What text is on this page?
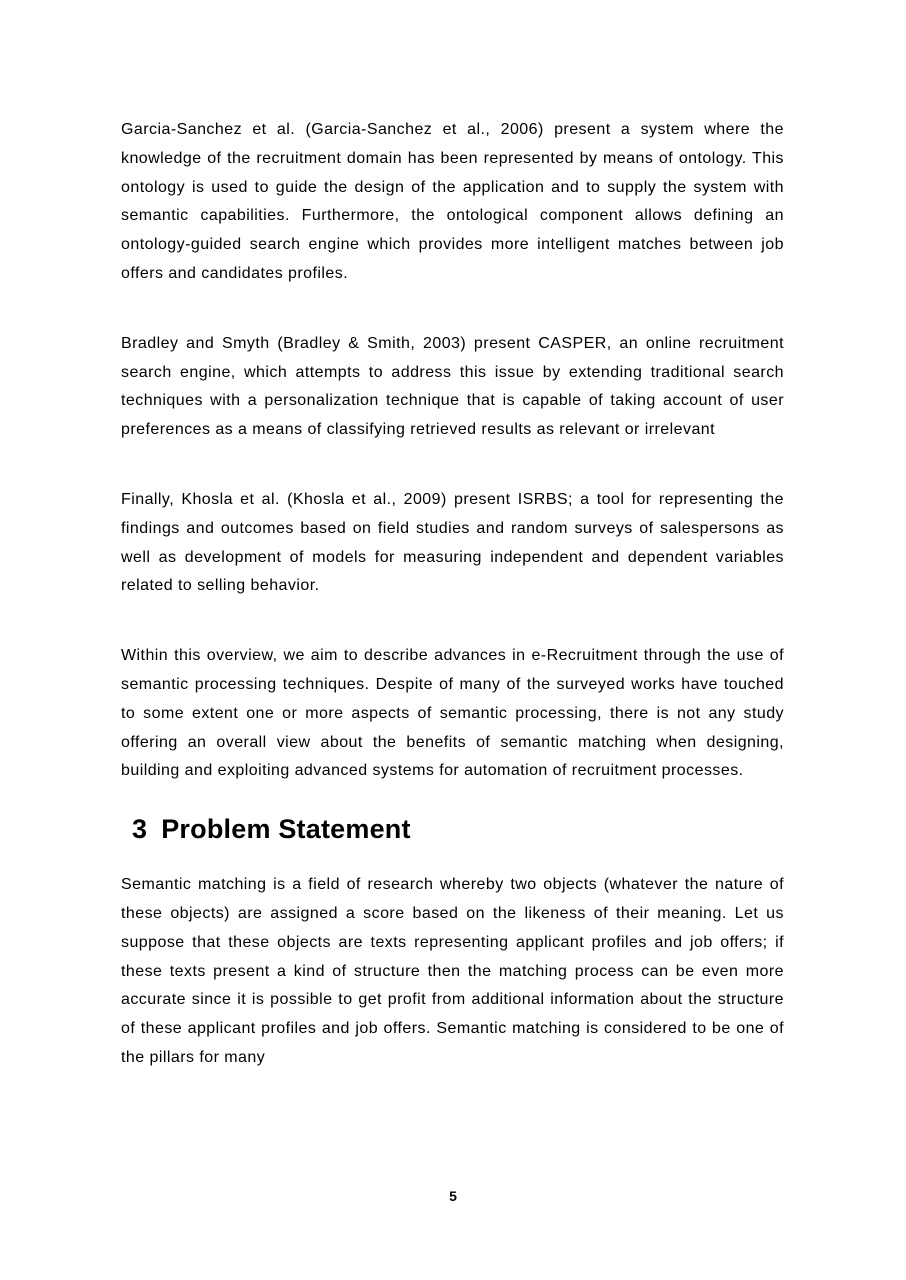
Garcia-Sanchez et al. (Garcia-Sanchez et al., 2006) present a system where the knowledge of the recruitment domain has been represented by means of ontology. This ontology is used to guide the design of the application and to supply the system with semantic capabilities. Furthermore, the ontological component allows defining an ontology-guided search engine which provides more intelligent matches between job offers and candidates profiles.

Bradley and Smyth (Bradley & Smith, 2003) present CASPER, an online recruitment search engine, which attempts to address this issue by extending traditional search techniques with a personalization technique that is capable of taking account of user preferences as a means of classifying retrieved results as relevant or irrelevant

Finally, Khosla et al. (Khosla et al., 2009) present ISRBS; a tool for representing the findings and outcomes based on field studies and random surveys of salespersons as well as development of models for measuring independent and dependent variables related to selling behavior.

Within this overview, we aim to describe advances in e-Recruitment through the use of semantic processing techniques. Despite of many of the surveyed works have touched to some extent one or more aspects of semantic processing, there is not any study offering an overall view about the benefits of semantic matching when designing, building and exploiting advanced systems for automation of recruitment processes.

3 Problem Statement

Semantic matching is a field of research whereby two objects (whatever the nature of these objects) are assigned a score based on the likeness of their meaning. Let us suppose that these objects are texts representing applicant profiles and job offers; if these texts present a kind of structure then the matching process can be even more accurate since it is possible to get profit from additional information about the structure of these applicant profiles and job offers. Semantic matching is considered to be one of the pillars for many

5
